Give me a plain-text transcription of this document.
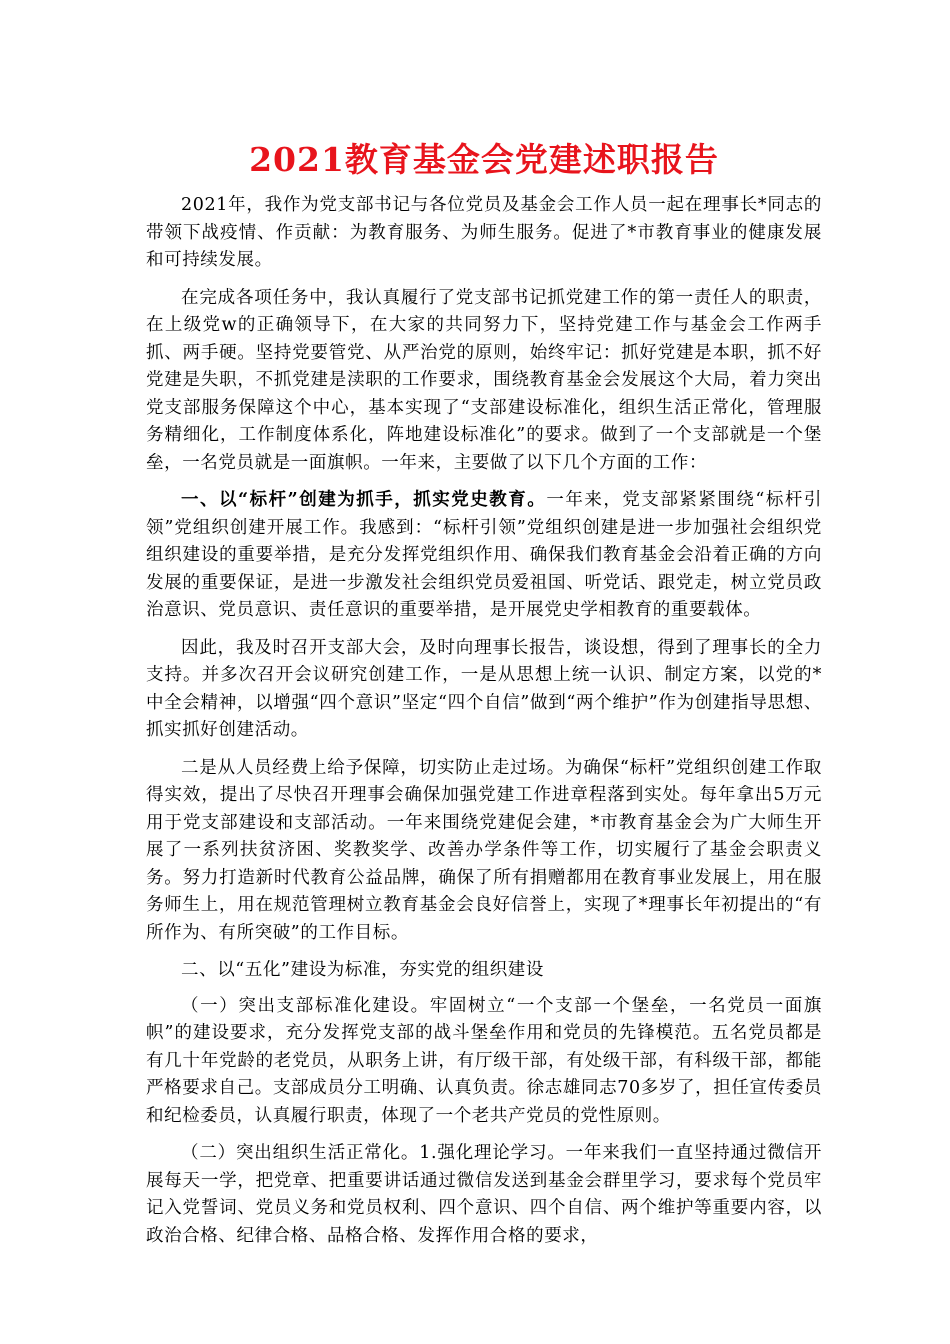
2021教育基金会党建述职报告

2021年，我作为党支部书记与各位党员及基金会工作人员一起在理事长*同志的带领下战疫情、作贡献：为教育服务、为师生服务。促进了*市教育事业的健康发展和可持续发展。

在完成各项任务中，我认真履行了党支部书记抓党建工作的第一责任人的职责，在上级党w的正确领导下，在大家的共同努力下，坚持党建工作与基金会工作两手抓、两手硬。坚持党要管党、从严治党的原则，始终牢记：抓好党建是本职，抓不好党建是失职，不抓党建是渎职的工作要求，围绕教育基金会发展这个大局，着力突出党支部服务保障这个中心，基本实现了“支部建设标准化，组织生活正常化，管理服务精细化，工作制度体系化，阵地建设标准化”的要求。做到了一个支部就是一个堡垒，一名党员就是一面旗帜。一年来，主要做了以下几个方面的工作：

一、以“标杆”创建为抓手，抓实党史教育。一年来，党支部紧紧围绕“标杆引领”党组织创建开展工作。我感到：“标杆引领”党组织创建是进一步加强社会组织党组织建设的重要举措，是充分发挥党组织作用、确保我们教育基金会沿着正确的方向发展的重要保证，是进一步激发社会组织党员爱祖国、听党话、跟党走，树立党员政治意识、党员意识、责任意识的重要举措，是开展党史学相教育的重要载体。

因此，我及时召开支部大会，及时向理事长报告，谈设想，得到了理事长的全力支持。并多次召开会议研究创建工作，一是从思想上统一认识、制定方案，以党的*中全会精神，以增强“四个意识”坚定“四个自信”做到“两个维护”作为创建指导思想、抓实抓好创建活动。

二是从人员经费上给予保障，切实防止走过场。为确保“标杆”党组织创建工作取得实效，提出了尽快召开理事会确保加强党建工作进章程落到实处。每年拿出5万元用于党支部建设和支部活动。一年来围绕党建促会建，*市教育基金会为广大师生开展了一系列扶贫济困、奖教奖学、改善办学条件等工作，切实履行了基金会职责义务。努力打造新时代教育公益品牌，确保了所有捐赠都用在教育事业发展上，用在服务师生上，用在规范管理树立教育基金会良好信誉上，实现了*理事长年初提出的“有所作为、有所突破”的工作目标。

二、以“五化”建设为标准，夯实党的组织建设

（一）突出支部标准化建设。牢固树立“一个支部一个堡垒，一名党员一面旗帜”的建设要求，充分发挥党支部的战斗堡垒作用和党员的先锋模范。五名党员都是有几十年党龄的老党员，从职务上讲，有厅级干部，有处级干部，有科级干部，都能严格要求自己。支部成员分工明确、认真负责。徐志雄同志70多岁了，担任宣传委员和纪检委员，认真履行职责，体现了一个老共产党员的党性原则。

（二）突出组织生活正常化。1.强化理论学习。一年来我们一直坚持通过微信开展每天一学，把党章、把重要讲话通过微信发送到基金会群里学习，要求每个党员牢记入党誓词、党员义务和党员权利、四个意识、四个自信、两个维护等重要内容，以政治合格、纪律合格、品格合格、发挥作用合格的要求，
